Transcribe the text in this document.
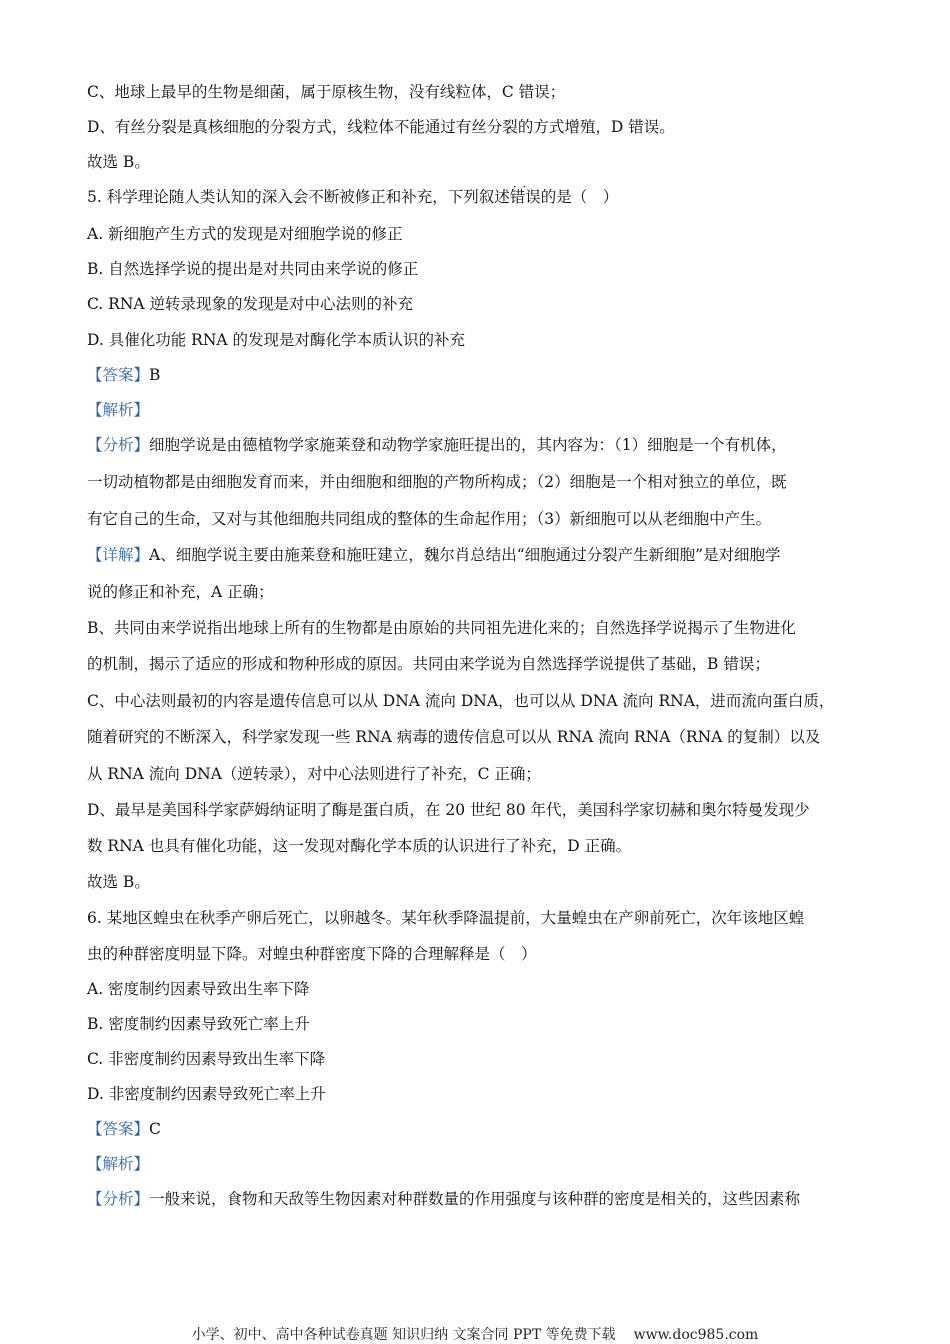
C、地球上最早的生物是细菌，属于原核生物，没有线粒体，C 错误；
D、有丝分裂是真核细胞的分裂方式，线粒体不能通过有丝分裂的方式增殖，D 错误。
故选 B。
5. 科学理论随人类认知的深入会不断被修正和补充，下列叙述错误 · ·的是（　）
A. 新细胞产生方式的发现是对细胞学说的修正
B. 自然选择学说的提出是对共同由来学说的修正
C. RNA 逆转录现象的发现是对中心法则的补充
D. 具催化功能 RNA 的发现是对酶化学本质认识的补充
【答案】B
【解析】
【分析】细胞学说是由德植物学家施莱登和动物学家施旺提出的，其内容为：（1）细胞是一个有机体，
一切动植物都是由细胞发育而来，并由细胞和细胞的产物所构成；（2）细胞是一个相对独立的单位，既
有它自己的生命，又对与其他细胞共同组成的整体的生命起作用；（3）新细胞可以从老细胞中产生。
【详解】A、细胞学说主要由施莱登和施旺建立，魏尔肖总结出“细胞通过分裂产生新细胞”是对细胞学
说的修正和补充，A 正确；
B、共同由来学说指出地球上所有的生物都是由原始的共同祖先进化来的；自然选择学说揭示了生物进化
的机制，揭示了适应的形成和物种形成的原因。共同由来学说为自然选择学说提供了基础，B 错误；
C、中心法则最初的内容是遗传信息可以从 DNA 流向 DNA，也可以从 DNA 流向 RNA，进而流向蛋白质，
随着研究的不断深入，科学家发现一些 RNA 病毒的遗传信息可以从 RNA 流向 RNA（RNA 的复制）以及
从 RNA 流向 DNA（逆转录），对中心法则进行了补充，C 正确；
D、最早是美国科学家萨姆纳证明了酶是蛋白质，在 20 世纪 80 年代，美国科学家切赫和奥尔特曼发现少
数 RNA 也具有催化功能，这一发现对酶化学本质的认识进行了补充，D 正确。
故选 B。
6. 某地区蝗虫在秋季产卵后死亡，以卵越冬。某年秋季降温提前，大量蝗虫在产卵前死亡，次年该地区蝗
虫的种群密度明显下降。对蝗虫种群密度下降的合理解释是（　）
A. 密度制约因素导致出生率下降
B. 密度制约因素导致死亡率上升
C. 非密度制约因素导致出生率下降
D. 非密度制约因素导致死亡率上升
【答案】C
【解析】
【分析】一般来说，食物和天敌等生物因素对种群数量的作用强度与该种群的密度是相关的，这些因素称
小学、初中、高中各种试卷真题 知识归纳 文案合同 PPT 等免费下载 www.doc985.com
